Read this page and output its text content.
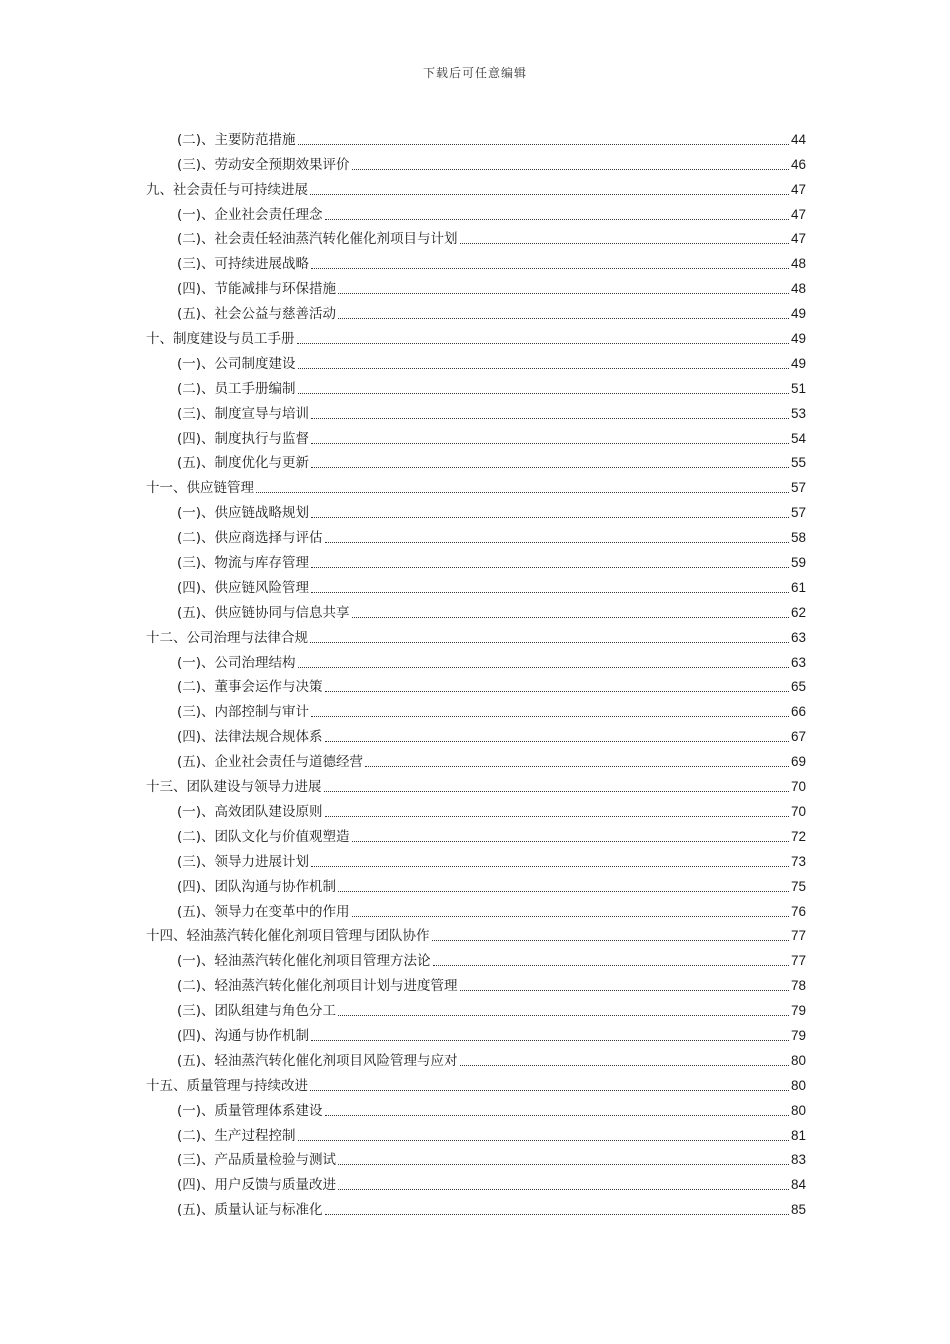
下载后可任意编辑
(二)、主要防范措施	44
(三)、劳动安全预期效果评价	46
九、社会责任与可持续进展	47
(一)、企业社会责任理念	47
(二)、社会责任轻油蒸汽转化催化剂项目与计划	47
(三)、可持续进展战略	48
(四)、节能减排与环保措施	48
(五)、社会公益与慈善活动	49
十、制度建设与员工手册	49
(一)、公司制度建设	49
(二)、员工手册编制	51
(三)、制度宣导与培训	53
(四)、制度执行与监督	54
(五)、制度优化与更新	55
十一、供应链管理	57
(一)、供应链战略规划	57
(二)、供应商选择与评估	58
(三)、物流与库存管理	59
(四)、供应链风险管理	61
(五)、供应链协同与信息共享	62
十二、公司治理与法律合规	63
(一)、公司治理结构	63
(二)、董事会运作与决策	65
(三)、内部控制与审计	66
(四)、法律法规合规体系	67
(五)、企业社会责任与道德经营	69
十三、团队建设与领导力进展	70
(一)、高效团队建设原则	70
(二)、团队文化与价值观塑造	72
(三)、领导力进展计划	73
(四)、团队沟通与协作机制	75
(五)、领导力在变革中的作用	76
十四、轻油蒸汽转化催化剂项目管理与团队协作	77
(一)、轻油蒸汽转化催化剂项目管理方法论	77
(二)、轻油蒸汽转化催化剂项目计划与进度管理	78
(三)、团队组建与角色分工	79
(四)、沟通与协作机制	79
(五)、轻油蒸汽转化催化剂项目风险管理与应对	80
十五、质量管理与持续改进	80
(一)、质量管理体系建设	80
(二)、生产过程控制	81
(三)、产品质量检验与测试	83
(四)、用户反馈与质量改进	84
(五)、质量认证与标准化	85
